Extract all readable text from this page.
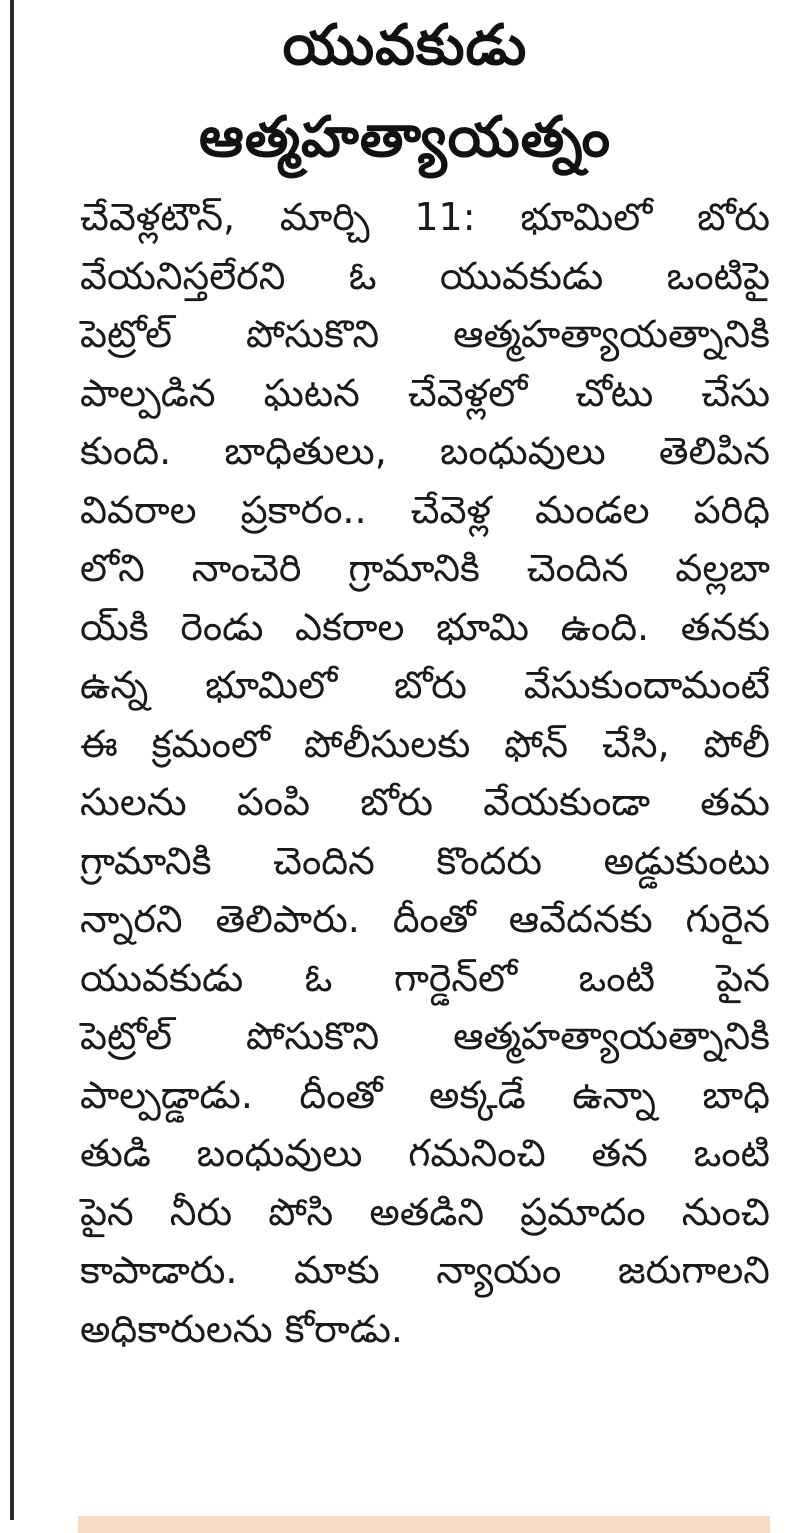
యువకుడు
ఆత్మహత్యాయత్నం
చేవెళ్లటౌన్, మార్చి 11: భూమిలో బోరు
వేయనిస్తలేరని ఓ యువకుడు ఒంటిపై
పెట్రోల్ పోసుకొని ఆత్మహత్యాయత్నానికి
పాల్పడిన ఘటన చేవెళ్లలో చోటు చేసు
కుంది. బాధితులు, బంధువులు తెలిపిన
వివరాల ప్రకారం.. చేవెళ్ల మండల పరిధి
లోని నాంచెరి గ్రామానికి చెందిన వల్లబా
య్‌కి రెండు ఎకరాల భూమి ఉంది. తనకు
ఉన్న భూమిలో బోరు వేసుకుందామంటే
ఈ క్రమంలో పోలీసులకు ఫోన్ చేసి, పోలీ
సులను పంపి బోరు వేయకుండా తమ
గ్రామానికి చెందిన కొందరు అడ్డుకుంటు
న్నారని తెలిపారు. దీంతో ఆవేదనకు గురైన
యువకుడు ఓ గార్డెన్‌లో ఒంటి పైన
పెట్రోల్ పోసుకొని ఆత్మహత్యాయత్నానికి
పాల్పడ్డాడు. దీంతో అక్కడే ఉన్నా బాధి
తుడి బంధువులు గమనించి తన ఒంటి
పైన నీరు పోసి అతడిని ప్రమాదం నుంచి
కాపాడారు. మాకు న్యాయం జరుగాలని
అధికారులను కోరాడు.
